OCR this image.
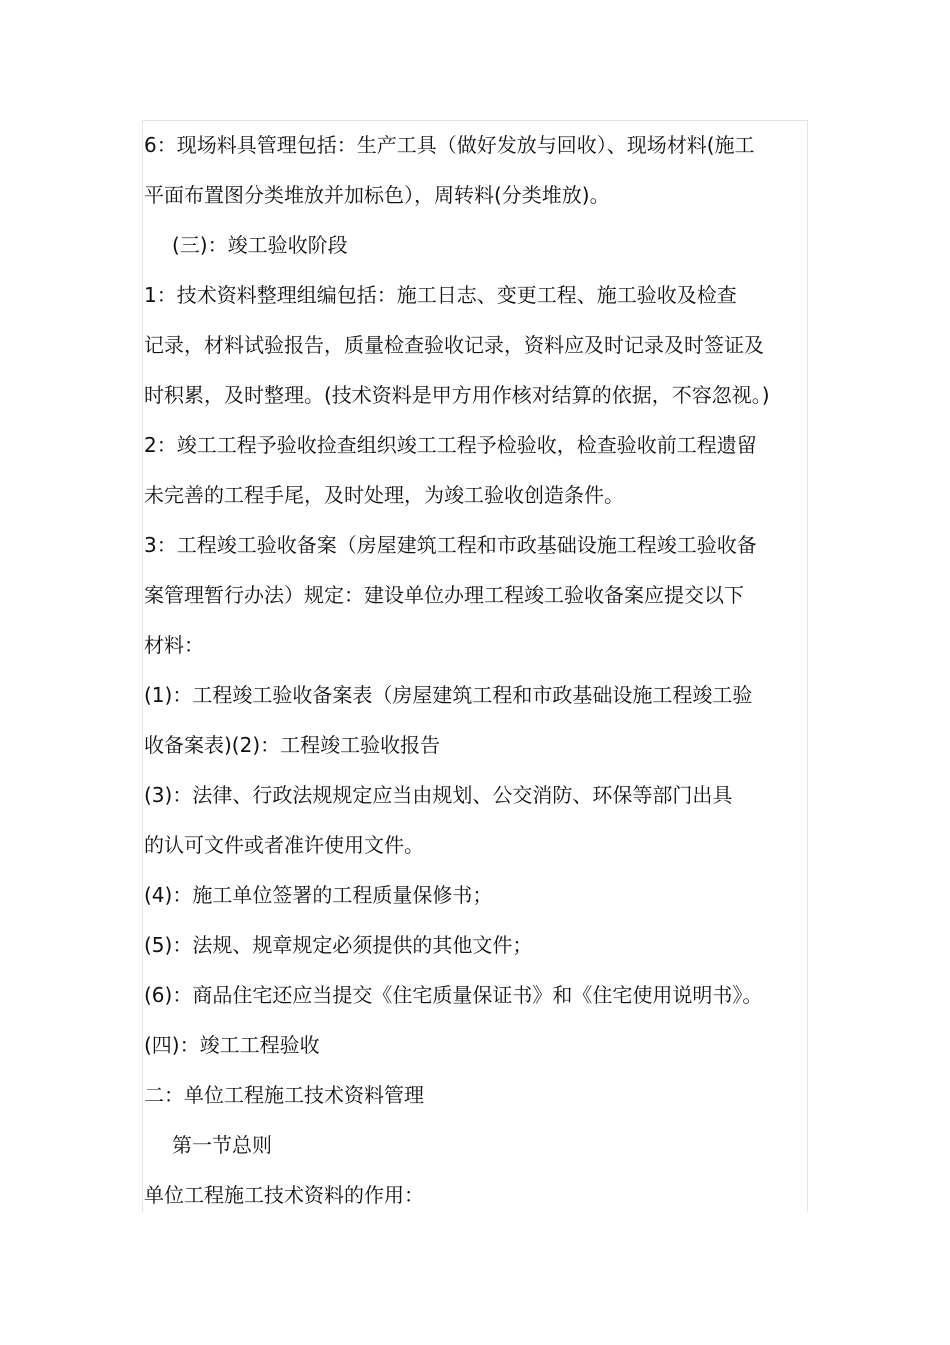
6：现场料具管理包括：生产工具（做好发放与回收）、现场材料(施工
平面布置图分类堆放并加标色），周转料(分类堆放)。
(三)：竣工验收阶段
1：技术资料整理组编包括：施工日志、变更工程、施工验收及检查
记录，材料试验报告，质量检查验收记录，资料应及时记录及时签证及
时积累，及时整理。(技术资料是甲方用作核对结算的依据，不容忽视。)
2：竣工工程予验收捡查组织竣工工程予检验收，检查验收前工程遗留
未完善的工程手尾，及时处理，为竣工验收创造条件。
3：工程竣工验收备案（房屋建筑工程和市政基础设施工程竣工验收备
案管理暂行办法）规定：建设单位办理工程竣工验收备案应提交以下
材料：
(1)：工程竣工验收备案表（房屋建筑工程和市政基础设施工程竣工验
收备案表)(2)：工程竣工验收报告
(3)：法律、行政法规规定应当由规划、公交消防、环保等部门出具
的认可文件或者准许使用文件。
(4)：施工单位签署的工程质量保修书；
(5)：法规、规章规定必须提供的其他文件；
(6)：商品住宅还应当提交《住宅质量保证书》和《住宅使用说明书》。
(四)：竣工工程验收
二：单位工程施工技术资料管理
第一节总则
单位工程施工技术资料的作用：
